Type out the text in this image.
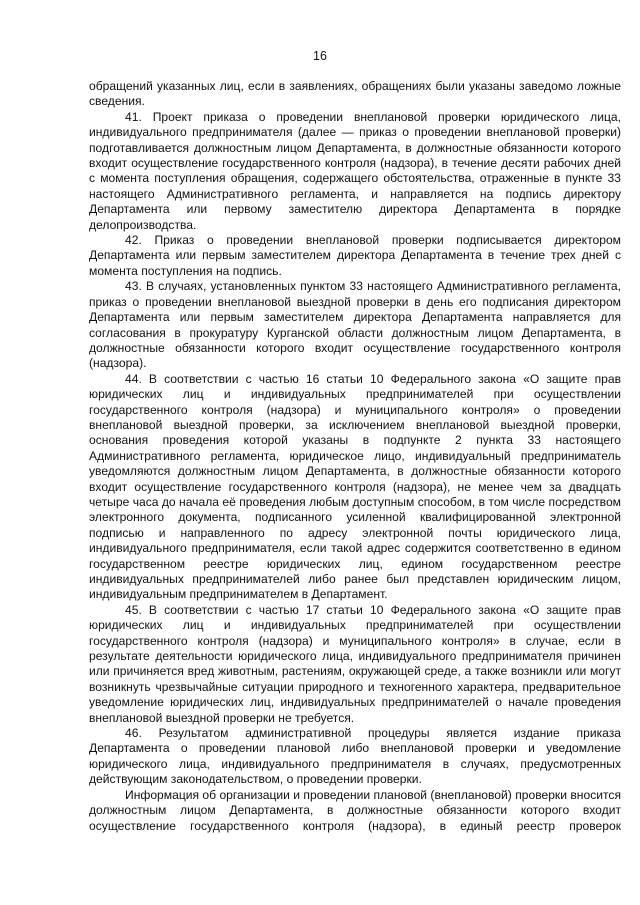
16

обращений указанных лиц, если в заявлениях, обращениях были указаны заведомо ложные сведения.

41. Проект приказа о проведении внеплановой проверки юридического лица, индивидуального предпринимателя (далее — приказ о проведении внеплановой проверки) подготавливается должностным лицом Департамента, в должностные обязанности которого входит осуществление государственного контроля (надзора), в течение десяти рабочих дней с момента поступления обращения, содержащего обстоятельства, отраженные в пункте 33 настоящего Административного регламента, и направляется на подпись директору Департамента или первому заместителю директора Департамента в порядке делопроизводства.

42. Приказ о проведении внеплановой проверки подписывается директором Департамента или первым заместителем директора Департамента в течение трех дней с момента поступления на подпись.

43. В случаях, установленных пунктом 33 настоящего Административного регламента, приказ о проведении внеплановой выездной проверки в день его подписания директором Департамента или первым заместителем директора Департамента направляется для согласования в прокуратуру Курганской области должностным лицом Департамента, в должностные обязанности которого входит осуществление государственного контроля (надзора).

44. В соответствии с частью 16 статьи 10 Федерального закона «О защите прав юридических лиц и индивидуальных предпринимателей при осуществлении государственного контроля (надзора) и муниципального контроля» о проведении внеплановой выездной проверки, за исключением внеплановой выездной проверки, основания проведения которой указаны в подпункте 2 пункта 33 настоящего Административного регламента, юридическое лицо, индивидуальный предприниматель уведомляются должностным лицом Департамента, в должностные обязанности которого входит осуществление государственного контроля (надзора), не менее чем за двадцать четыре часа до начала её проведения любым доступным способом, в том числе посредством электронного документа, подписанного усиленной квалифицированной электронной подписью и направленного по адресу электронной почты юридического лица, индивидуального предпринимателя, если такой адрес содержится соответственно в едином государственном реестре юридических лиц, едином государственном реестре индивидуальных предпринимателей либо ранее был представлен юридическим лицом, индивидуальным предпринимателем в Департамент.

45. В соответствии с частью 17 статьи 10 Федерального закона «О защите прав юридических лиц и индивидуальных предпринимателей при осуществлении государственного контроля (надзора) и муниципального контроля» в случае, если в результате деятельности юридического лица, индивидуального предпринимателя причинен или причиняется вред животным, растениям, окружающей среде, а также возникли или могут возникнуть чрезвычайные ситуации природного и техногенного характера, предварительное уведомление юридических лиц, индивидуальных предпринимателей о начале проведения внеплановой выездной проверки не требуется.

46. Результатом административной процедуры является издание приказа Департамента о проведении плановой либо внеплановой проверки и уведомление юридического лица, индивидуального предпринимателя в случаях, предусмотренных действующим законодательством, о проведении проверки.

Информация об организации и проведении плановой (внеплановой) проверки вносится должностным лицом Департамента, в должностные обязанности которого входит осуществление государственного контроля (надзора), в единый реестр проверок
